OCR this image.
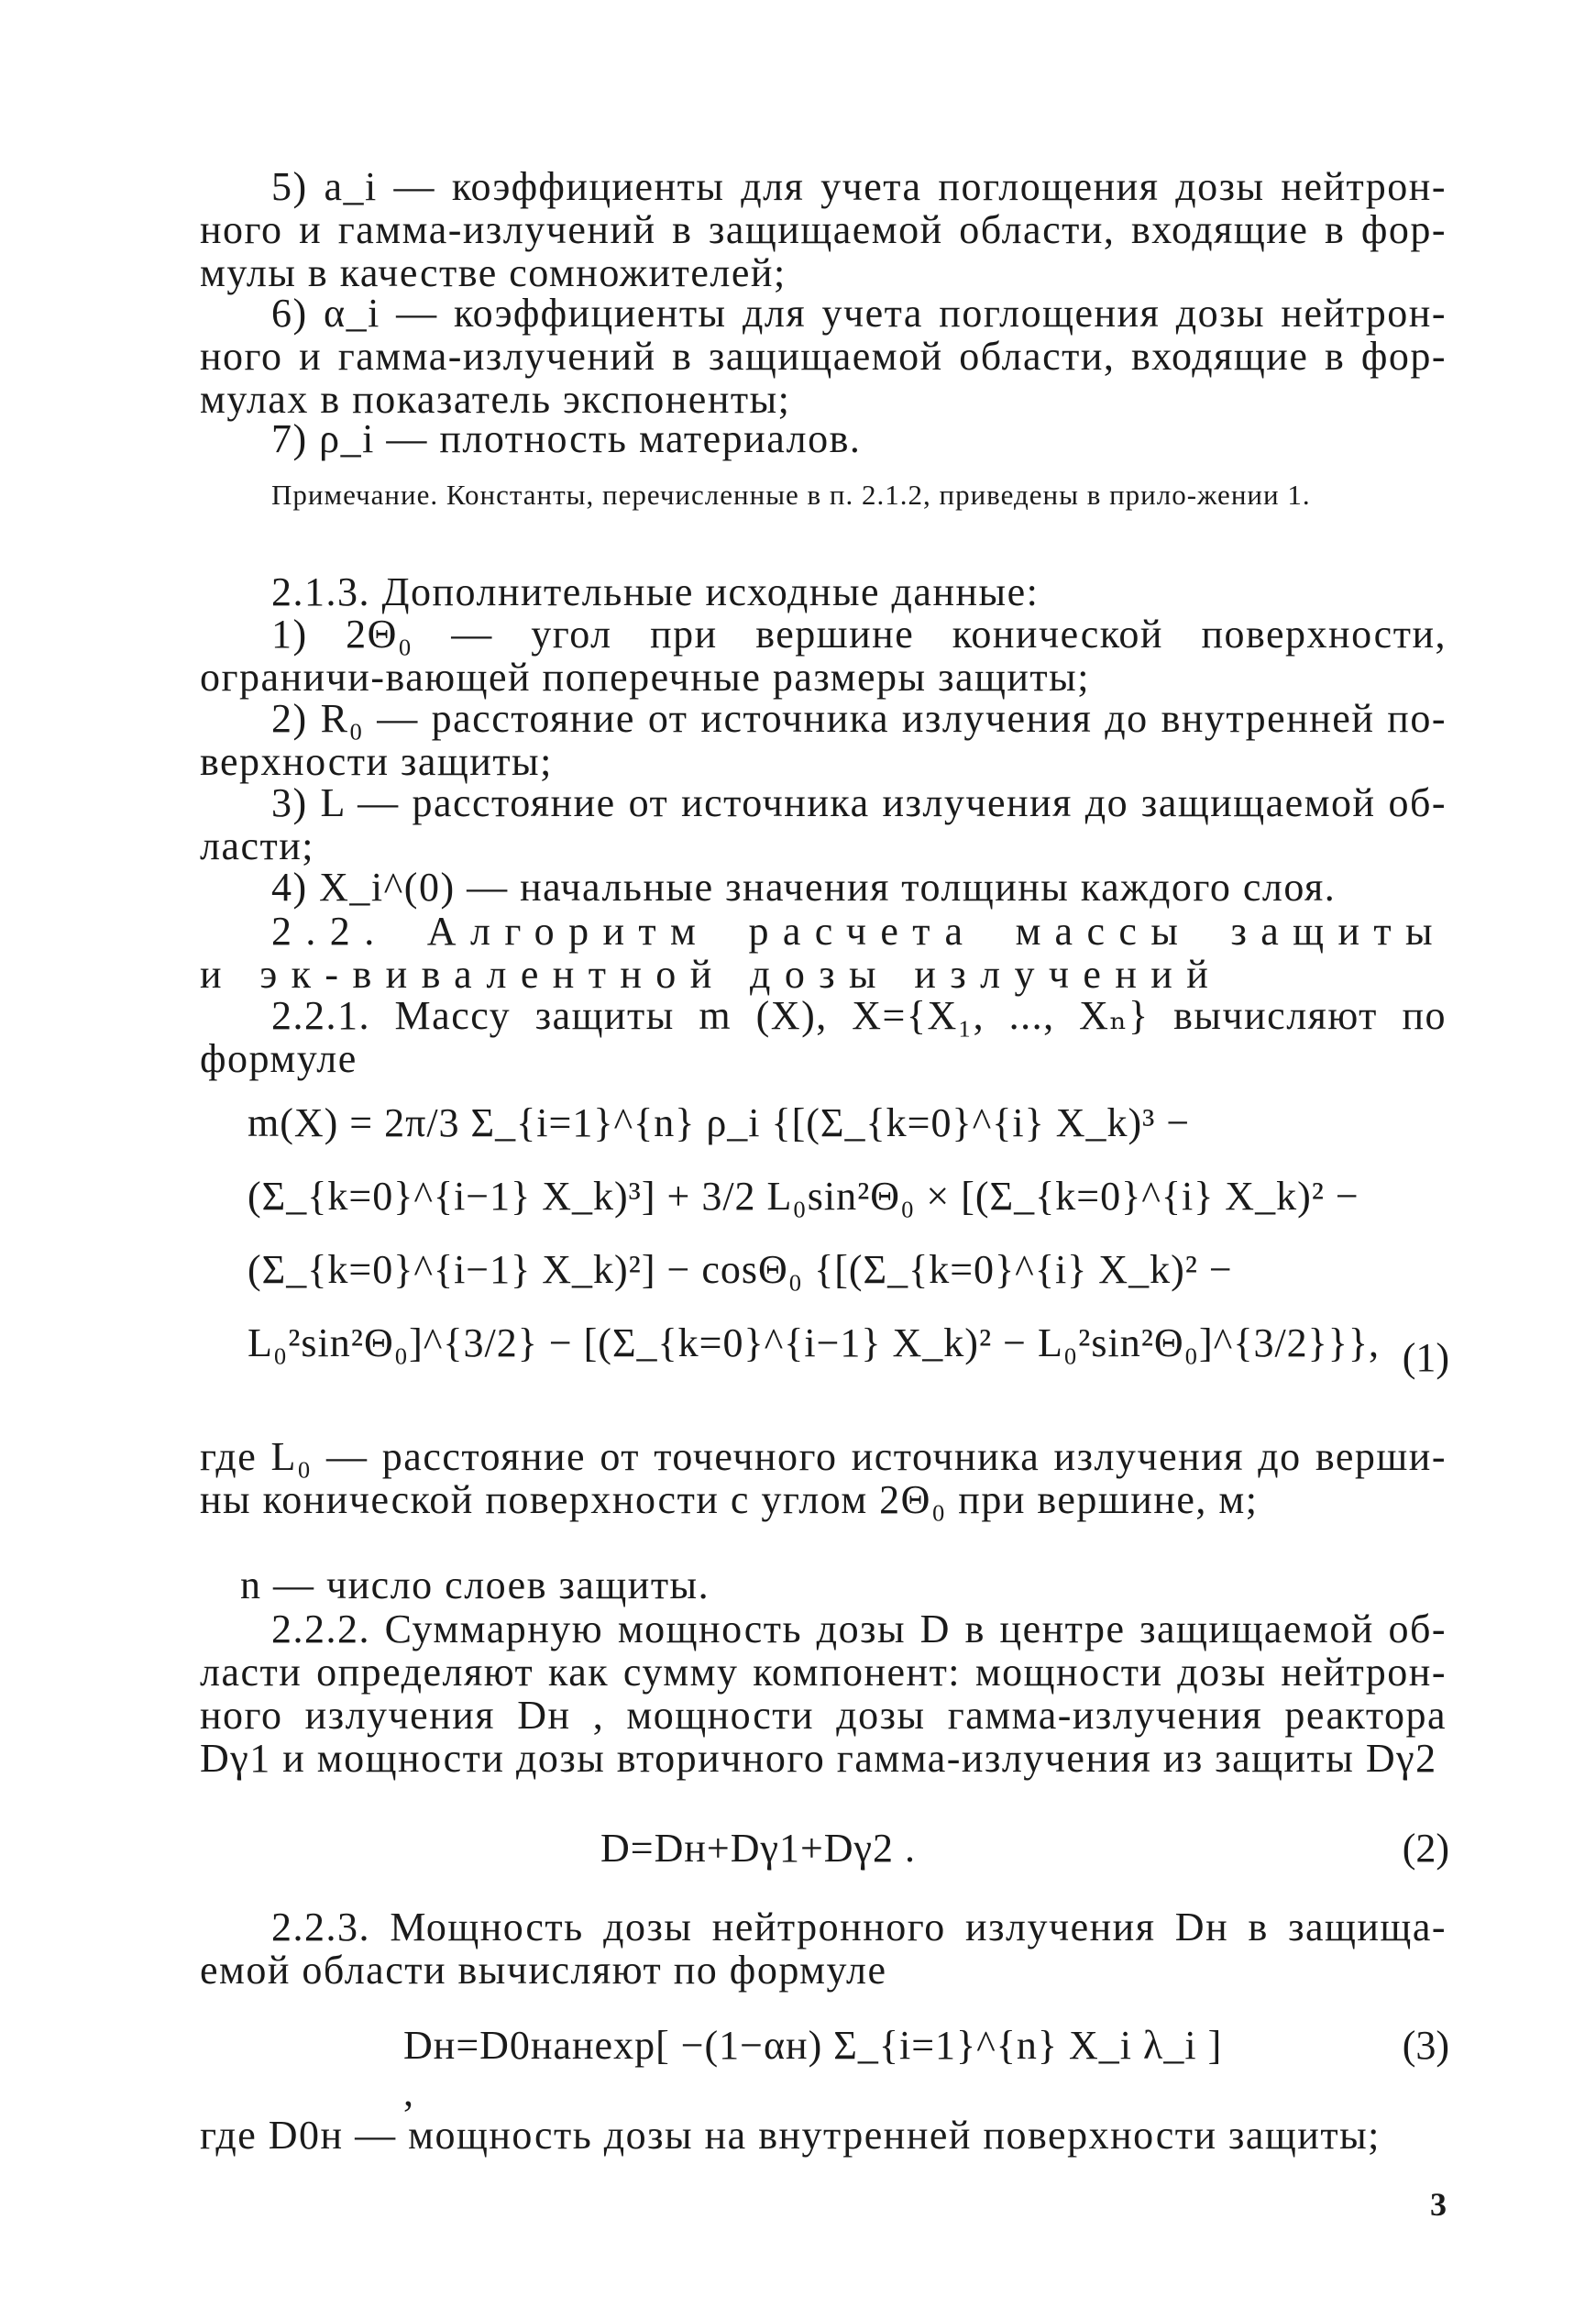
5) a_i — коэффициенты для учета поглощения дозы нейтрон-ного и гамма-излучений в защищаемой области, входящие в фор-мулы в качестве сомножителей;

6) α_i — коэффициенты для учета поглощения дозы нейтрон-ного и гамма-излучений в защищаемой области, входящие в фор-мулах в показатель экспоненты;

7) ρ_i — плотность материалов.

Примечание. Константы, перечисленные в п. 2.1.2, приведены в прило-жении 1.

2.1.3. Дополнительные исходные данные:

1) 2Θ₀ — угол при вершине конической поверхности, ограничи-вающей поперечные размеры защиты;

2) R₀ — расстояние от источника излучения до внутренней по-верхности защиты;

3) L — расстояние от источника излучения до защищаемой об-ласти;

4) X_i^(0) — начальные значения толщины каждого слоя.

2.2. Алгоритм расчета массы защиты и эк-вивалентной дозы излучений

2.2.1. Массу защиты m (X), X={X₁, ..., Xₙ} вычисляют по формуле

m(X) = 2π/3 Σ_{i=1}^{n} ρ_i {[(Σ_{k=0}^{i} X_k)³ − (Σ_{k=0}^{i−1} X_k)³] + 3/2 L₀sin²Θ₀ × [(Σ_{k=0}^{i} X_k)² − (Σ_{k=0}^{i−1} X_k)²] − cosΘ₀ {[(Σ_{k=0}^{i} X_k)² − L₀²sin²Θ₀]^{3/2} − [(Σ_{k=0}^{i−1} X_k)² − L₀²sin²Θ₀]^{3/2}}}, (1)

где L₀ — расстояние от точечного источника излучения до верши-ны конической поверхности с углом 2Θ₀ при вершине, м;

n — число слоев защиты.

2.2.2. Суммарную мощность дозы D в центре защищаемой об-ласти определяют как сумму компонент: мощности дозы нейтрон-ного излучения Dн , мощности дозы гамма-излучения реактора Dγ1 и мощности дозы вторичного гамма-излучения из защиты Dγ2

D=Dн+Dγ1+Dγ2 .	(2)

2.2.3. Мощность дозы нейтронного излучения Dн в защища-емой области вычисляют по формуле

Dн=D0нaнexp[ −(1−αн) Σ_{i=1}^{n} X_i λ_i ] ,
(3)

где D0н — мощность дозы на внутренней поверхности защиты;

3
